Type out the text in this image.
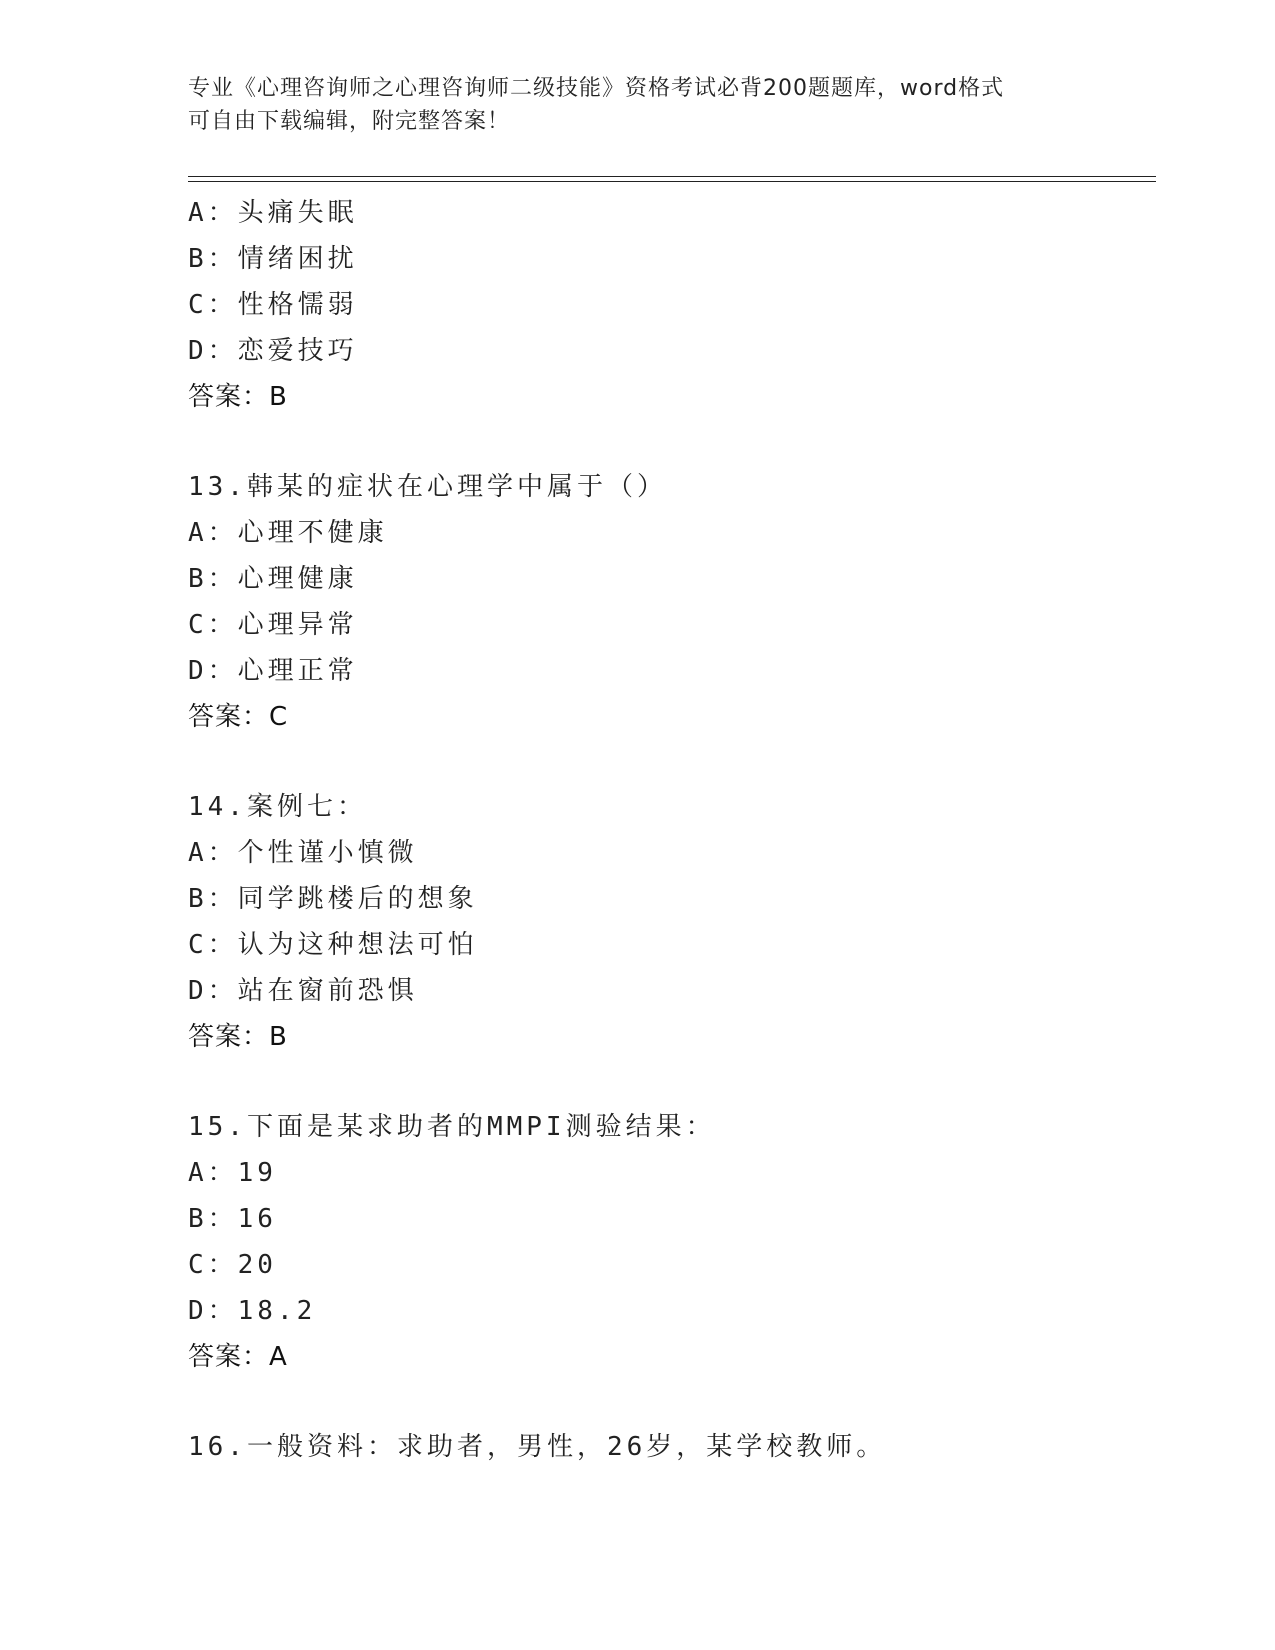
专业《心理咨询师之心理咨询师二级技能》资格考试必背200题题库，word格式
可自由下载编辑，附完整答案！
A：头痛失眠
B：情绪困扰
C：性格懦弱
D：恋爱技巧
答案：B
13.韩某的症状在心理学中属于（）
A：心理不健康
B：心理健康
C：心理异常
D：心理正常
答案：C
14.案例七：
A：个性谨小慎微
B：同学跳楼后的想象
C：认为这种想法可怕
D：站在窗前恐惧
答案：B
15.下面是某求助者的MMPI测验结果：
A：19
B：16
C：20
D：18.2
答案：A
16.一般资料：求助者，男性，26岁，某学校教师。
